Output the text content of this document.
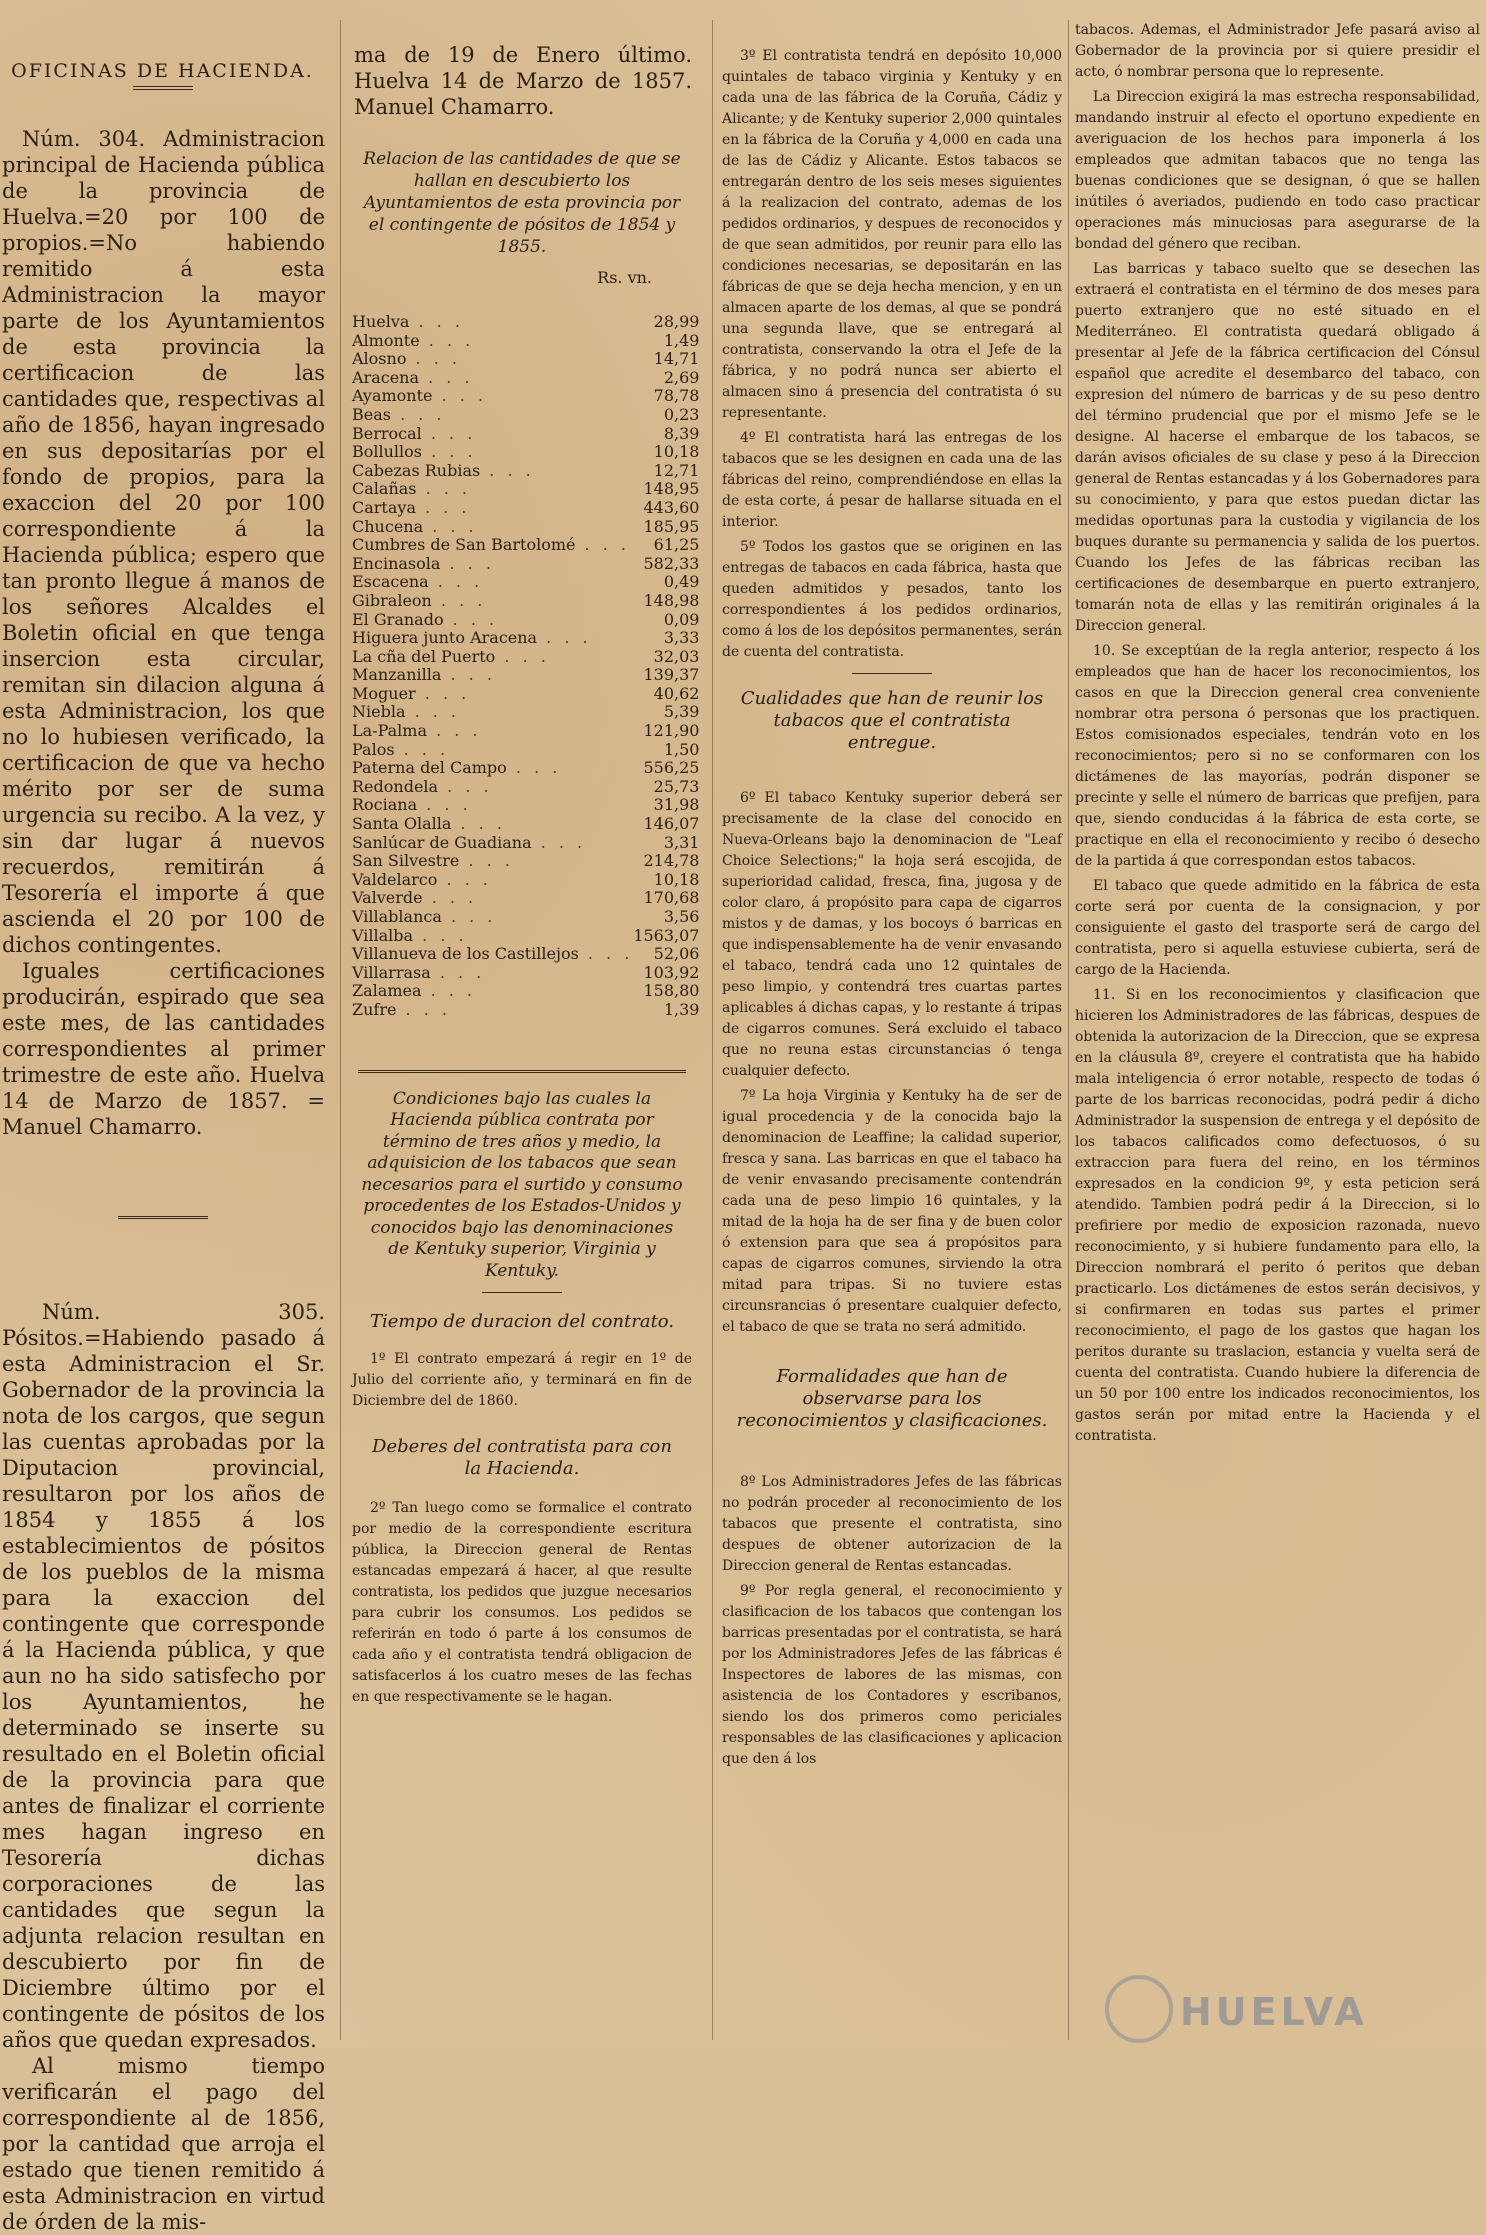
OFICINAS DE HACIENDA.

Núm. 304. Administracion principal de Hacienda pública de la provincia de Huelva.=20 por 100 de propios.=No habiendo remitido á esta Administracion la mayor parte de los Ayuntamientos de esta provincia la certificacion de las cantidades que, respectivas al año de 1856, hayan ingresado en sus depositarías por el fondo de propios, para la exaccion del 20 por 100 correspondiente á la Hacienda pública; espero que tan pronto llegue á manos de los señores Alcaldes el Boletin oficial en que tenga insercion esta circular, remitan sin dilacion alguna á esta Administracion, los que no lo hubiesen verificado, la certificacion de que va hecho mérito por ser de suma urgencia su recibo. A la vez, y sin dar lugar á nuevos recuerdos, remitirán á Tesorería el importe á que ascienda el 20 por 100 de dichos contingentes.

Iguales certificaciones producirán, espirado que sea este mes, de las cantidades correspondientes al primer trimestre de este año. Huelva 14 de Marzo de 1857. = Manuel Chamarro.

Núm. 305. Pósitos.=Habiendo pasado á esta Administracion el Sr. Gobernador de la provincia la nota de los cargos, que segun las cuentas aprobadas por la Diputacion provincial, resultaron por los años de 1854 y 1855 á los establecimientos de pósitos de los pueblos de la misma para la exaccion del contingente que corresponde á la Hacienda pública, y que aun no ha sido satisfecho por los Ayuntamientos, he determinado se inserte su resultado en el Boletin oficial de la provincia para que antes de finalizar el corriente mes hagan ingreso en Tesorería dichas corporaciones de las cantidades que segun la adjunta relacion resultan en descubierto por fin de Diciembre último por el contingente de pósitos de los años que quedan expresados.

Al mismo tiempo verificarán el pago del correspondiente al de 1856, por la cantidad que arroja el estado que tienen remitido á esta Administracion en virtud de órden de la mis-

ma de 19 de Enero último. Huelva 14 de Marzo de 1857. Manuel Chamarro.
Relacion de las cantidades de que se hallan en descubierto los Ayuntamientos de esta provincia por el contingente de pósitos de 1854 y 1855.
Rs. vn.
Huelva . . .	28,99
Almonte . . .	1,49
Alosno . . .	14,71
Aracena . . .	2,69
Ayamonte . . .	78,78
Beas . . .	0,23
Berrocal . . .	8,39
Bollullos . . .	10,18
Cabezas Rubias . . .	12,71
Calañas . . .	148,95
Cartaya . . .	443,60
Chucena . . .	185,95
Cumbres de San Bartolomé . . .	61,25
Encinasola . . .	582,33
Escacena . . .	0,49
Gibraleon . . .	148,98
El Granado . . .	0,09
Higuera junto Aracena . . .	3,33
La cña del Puerto . . .	32,03
Manzanilla . . .	139,37
Moguer . . .	40,62
Niebla . . .	5,39
La-Palma . . .	121,90
Palos . . .	1,50
Paterna del Campo . . .	556,25
Redondela . . .	25,73
Rociana . . .	31,98
Santa Olalla . . .	146,07
Sanlúcar de Guadiana . . .	3,31
San Silvestre . . .	214,78
Valdelarco . . .	10,18
Valverde . . .	170,68
Villablanca . . .	3,56
Villalba . . .	1563,07
Villanueva de los Castillejos . . .	52,06
Villarrasa . . .	103,92
Zalamea . . .	158,80
Zufre . . .	1,39
Condiciones bajo las cuales la Hacienda pública contrata por término de tres años y medio, la adquisicion de los tabacos que sean necesarios para el surtido y consumo procedentes de los Estados-Unidos y conocidos bajo las denominaciones de Kentuky superior, Virginia y Kentuky.
Tiempo de duracion del contrato.

1º El contrato empezará á regir en 1º de Julio del corriente año, y terminará en fin de Diciembre del de 1860.

Deberes del contratista para con la Hacienda.

2º Tan luego como se formalice el contrato por medio de la correspondiente escritura pública, la Direccion general de Rentas estancadas empezará á hacer, al que resulte contratista, los pedidos que juzgue necesarios para cubrir los consumos. Los pedidos se referirán en todo ó parte á los consumos de cada año y el contratista tendrá obligacion de satisfacerlos á los cuatro meses de las fechas en que respectivamente se le hagan.

3º El contratista tendrá en depósito 10,000 quintales de tabaco virginia y Kentuky y en cada una de las fábrica de la Coruña, Cádiz y Alicante; y de Kentuky superior 2,000 quintales en la fábrica de la Coruña y 4,000 en cada una de las de Cádiz y Alicante. Estos tabacos se entregarán dentro de los seis meses siguientes á la realizacion del contrato, ademas de los pedidos ordinarios, y despues de reconocidos y de que sean admitidos, por reunir para ello las condiciones necesarias, se depositarán en las fábricas de que se deja hecha mencion, y en un almacen aparte de los demas, al que se pondrá una segunda llave, que se entregará al contratista, conservando la otra el Jefe de la fábrica, y no podrá nunca ser abierto el almacen sino á presencia del contratista ó su representante.

4º El contratista hará las entregas de los tabacos que se les designen en cada una de las fábricas del reino, comprendiéndose en ellas la de esta corte, á pesar de hallarse situada en el interior.

5º Todos los gastos que se originen en las entregas de tabacos en cada fábrica, hasta que queden admitidos y pesados, tanto los correspondientes á los pedidos ordinarios, como á los de los depósitos permanentes, serán de cuenta del contratista.

Cualidades que han de reunir los tabacos que el contratista entregue.

6º El tabaco Kentuky superior deberá ser precisamente de la clase del conocido en Nueva-Orleans bajo la denominacion de "Leaf Choice Selections;" la hoja será escojida, de superioridad calidad, fresca, fina, jugosa y de color claro, á propósito para capa de cigarros mistos y de damas, y los bocoys ó barricas en que indispensablemente ha de venir envasando el tabaco, tendrá cada uno 12 quintales de peso limpio, y contendrá tres cuartas partes aplicables á dichas capas, y lo restante á tripas de cigarros comunes. Será excluido el tabaco que no reuna estas circunstancias ó tenga cualquier defecto.

7º La hoja Virginia y Kentuky ha de ser de igual procedencia y de la conocida bajo la denominacion de Leaffine; la calidad superior, fresca y sana. Las barricas en que el tabaco ha de venir envasando precisamente contendrán cada una de peso limpio 16 quintales, y la mitad de la hoja ha de ser fina y de buen color ó extension para que sea á propósitos para capas de cigarros comunes, sirviendo la otra mitad para tripas. Si no tuviere estas circunsrancias ó presentare cualquier defecto, el tabaco de que se trata no será admitido.

Formalidades que han de observarse para los reconocimientos y clasificaciones.

8º Los Administradores Jefes de las fábricas no podrán proceder al reconocimiento de los tabacos que presente el contratista, sino despues de obtener autorizacion de la Direccion general de Rentas estancadas.

9º Por regla general, el reconocimiento y clasificacion de los tabacos que contengan los barricas presentadas por el contratista, se hará por los Administradores Jefes de las fábricas é Inspectores de labores de las mismas, con asistencia de los Contadores y escribanos, siendo los dos primeros como periciales responsables de las clasificaciones y aplicacion que den á los

tabacos. Ademas, el Administrador Jefe pasará aviso al Gobernador de la provincia por si quiere presidir el acto, ó nombrar persona que lo represente.

La Direccion exigirá la mas estrecha responsabilidad, mandando instruir al efecto el oportuno expediente en averiguacion de los hechos para imponerla á los empleados que admitan tabacos que no tenga las buenas condiciones que se designan, ó que se hallen inútiles ó averiados, pudiendo en todo caso practicar operaciones más minuciosas para asegurarse de la bondad del género que reciban.

Las barricas y tabaco suelto que se desechen las extraerá el contratista en el término de dos meses para puerto extranjero que no esté situado en el Mediterráneo. El contratista quedará obligado á presentar al Jefe de la fábrica certificacion del Cónsul español que acredite el desembarco del tabaco, con expresion del número de barricas y de su peso dentro del término prudencial que por el mismo Jefe se le designe. Al hacerse el embarque de los tabacos, se darán avisos oficiales de su clase y peso á la Direccion general de Rentas estancadas y á los Gobernadores para su conocimiento, y para que estos puedan dictar las medidas oportunas para la custodia y vigilancia de los buques durante su permanencia y salida de los puertos. Cuando los Jefes de las fábricas reciban las certificaciones de desembarque en puerto extranjero, tomarán nota de ellas y las remitirán originales á la Direccion general.

10. Se exceptúan de la regla anterior, respecto á los empleados que han de hacer los reconocimientos, los casos en que la Direccion general crea conveniente nombrar otra persona ó personas que los practiquen. Estos comisionados especiales, tendrán voto en los reconocimientos; pero si no se conformaren con los dictámenes de las mayorías, podrán disponer se precinte y selle el número de barricas que prefijen, para que, siendo conducidas á la fábrica de esta corte, se practique en ella el reconocimiento y recibo ó desecho de la partida á que correspondan estos tabacos.

El tabaco que quede admitido en la fábrica de esta corte será por cuenta de la consignacion, y por consiguiente el gasto del trasporte será de cargo del contratista, pero si aquella estuviese cubierta, será de cargo de la Hacienda.

11. Si en los reconocimientos y clasificacion que hicieren los Administradores de las fábricas, despues de obtenida la autorizacion de la Direccion, que se expresa en la cláusula 8º, creyere el contratista que ha habido mala inteligencia ó error notable, respecto de todas ó parte de los barricas reconocidas, podrá pedir á dicho Administrador la suspension de entrega y el depósito de los tabacos calificados como defectuosos, ó su extraccion para fuera del reino, en los términos expresados en la condicion 9º, y esta peticion será atendido. Tambien podrá pedir á la Direccion, si lo prefiriere por medio de exposicion razonada, nuevo reconocimiento, y si hubiere fundamento para ello, la Direccion nombrará el perito ó peritos que deban practicarlo. Los dictámenes de estos serán decisivos, y si confirmaren en todas sus partes el primer reconocimiento, el pago de los gastos que hagan los peritos durante su traslacion, estancia y vuelta será de cuenta del contratista. Cuando hubiere la diferencia de un 50 por 100 entre los indicados reconocimientos, los gastos serán por mitad entre la Hacienda y el contratista.

HUELVA
